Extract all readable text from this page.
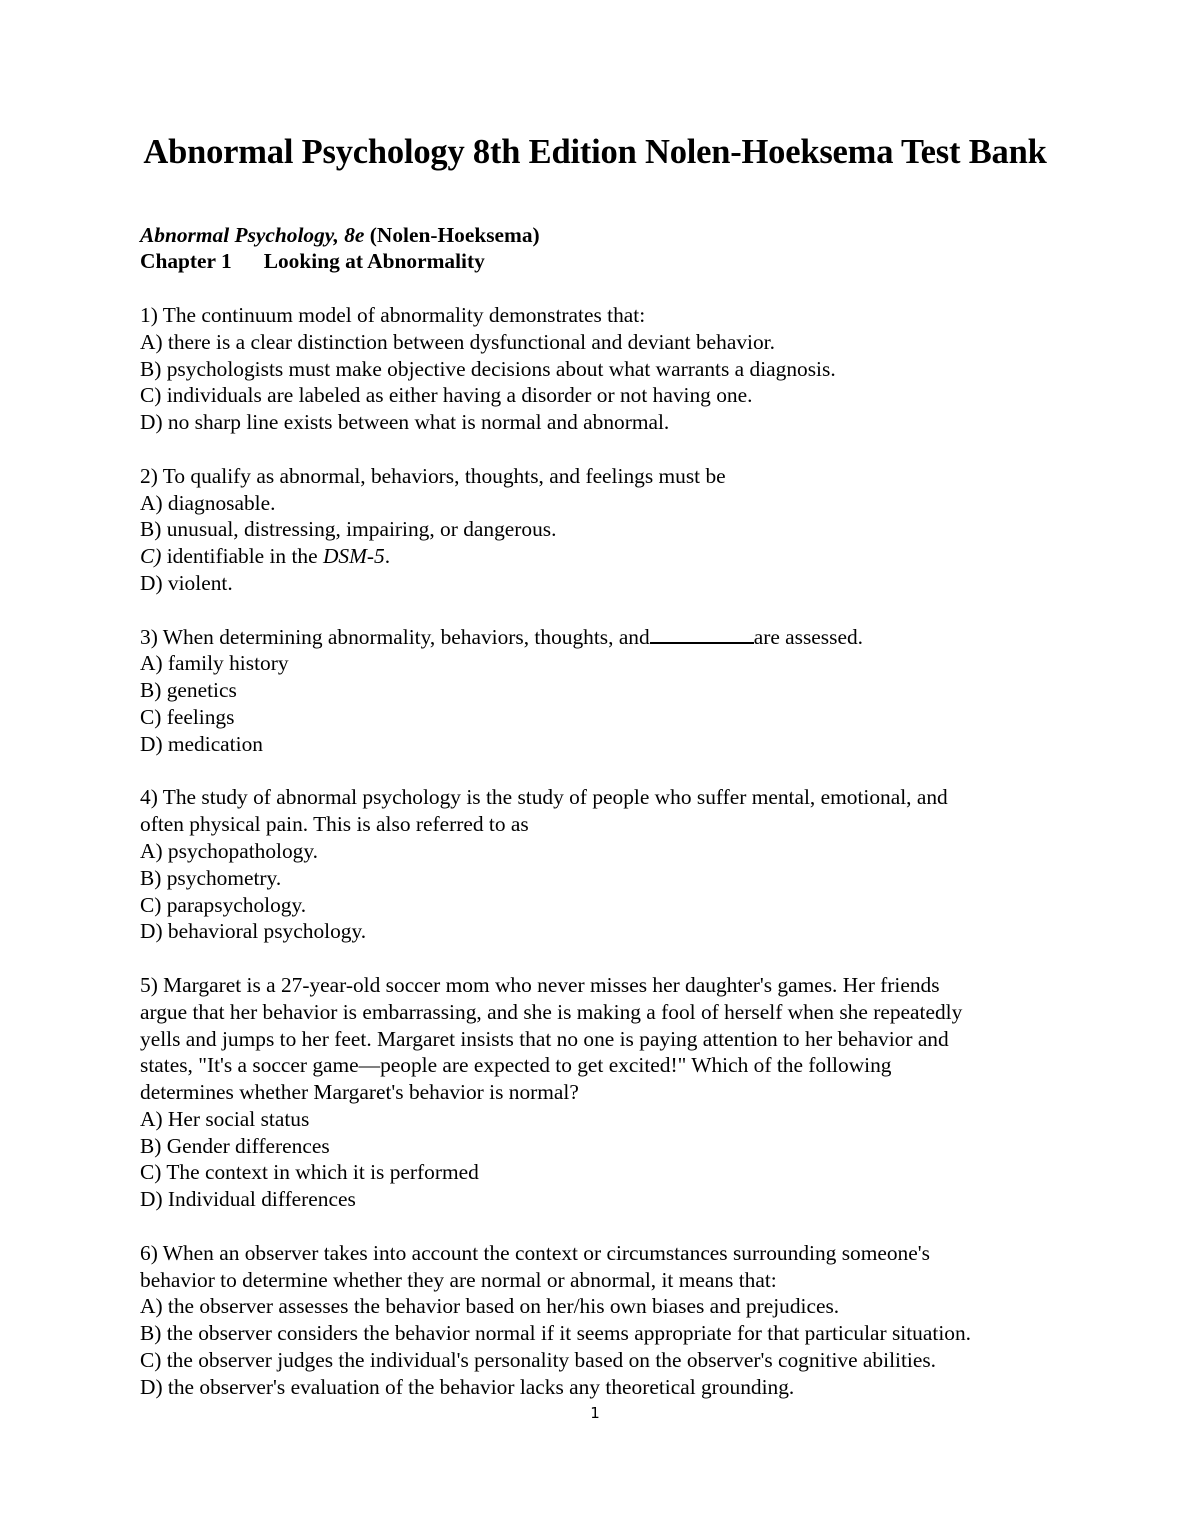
Abnormal Psychology 8th Edition Nolen-Hoeksema Test Bank
Abnormal Psychology, 8e (Nolen-Hoeksema)
Chapter 1 Looking at Abnormality
1) The continuum model of abnormality demonstrates that:
A) there is a clear distinction between dysfunctional and deviant behavior.
B) psychologists must make objective decisions about what warrants a diagnosis.
C) individuals are labeled as either having a disorder or not having one.
D) no sharp line exists between what is normal and abnormal.
2) To qualify as abnormal, behaviors, thoughts, and feelings must be
A) diagnosable.
B) unusual, distressing, impairing, or dangerous.
C) identifiable in the DSM-5.
D) violent.
3) When determining abnormality, behaviors, thoughts, and	are assessed.
A) family history
B) genetics
C) feelings
D) medication
4) The study of abnormal psychology is the study of people who suffer mental, emotional, and
often physical pain. This is also referred to as
A) psychopathology.
B) psychometry.
C) parapsychology.
D) behavioral psychology.
5) Margaret is a 27-year-old soccer mom who never misses her daughter's games. Her friends
argue that her behavior is embarrassing, and she is making a fool of herself when she repeatedly
yells and jumps to her feet. Margaret insists that no one is paying attention to her behavior and
states, "It's a soccer game—people are expected to get excited!" Which of the following
determines whether Margaret's behavior is normal?
A) Her social status
B) Gender differences
C) The context in which it is performed
D) Individual differences
6) When an observer takes into account the context or circumstances surrounding someone's
behavior to determine whether they are normal or abnormal, it means that:
A) the observer assesses the behavior based on her/his own biases and prejudices.
B) the observer considers the behavior normal if it seems appropriate for that particular situation.
C) the observer judges the individual's personality based on the observer's cognitive abilities.
D) the observer's evaluation of the behavior lacks any theoretical grounding.
1
